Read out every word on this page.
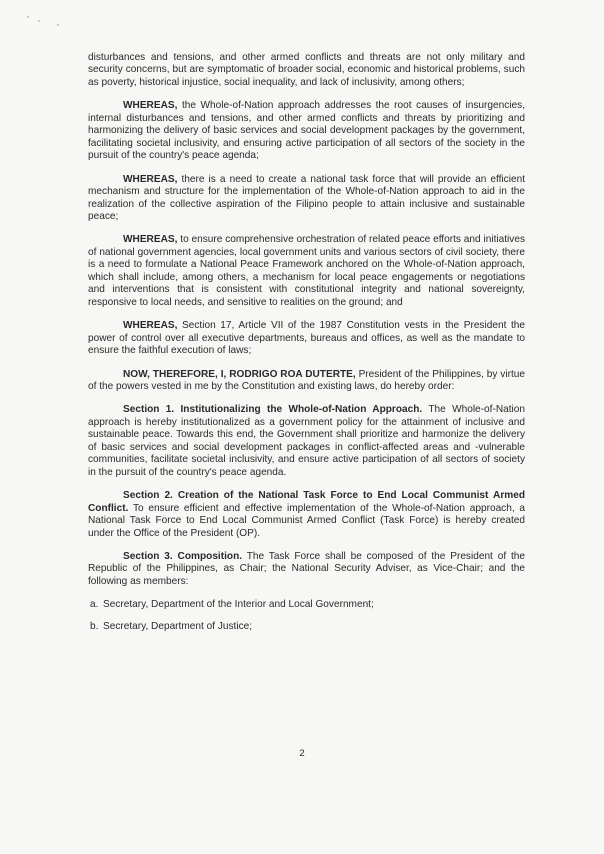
disturbances and tensions, and other armed conflicts and threats are not only military and security concerns, but are symptomatic of broader social, economic and historical problems, such as poverty, historical injustice, social inequality, and lack of inclusivity, among others;

WHEREAS, the Whole-of-Nation approach addresses the root causes of insurgencies, internal disturbances and tensions, and other armed conflicts and threats by prioritizing and harmonizing the delivery of basic services and social development packages by the government, facilitating societal inclusivity, and ensuring active participation of all sectors of the society in the pursuit of the country's peace agenda;

WHEREAS, there is a need to create a national task force that will provide an efficient mechanism and structure for the implementation of the Whole-of-Nation approach to aid in the realization of the collective aspiration of the Filipino people to attain inclusive and sustainable peace;

WHEREAS, to ensure comprehensive orchestration of related peace efforts and initiatives of national government agencies, local government units and various sectors of civil society, there is a need to formulate a National Peace Framework anchored on the Whole-of-Nation approach, which shall include, among others, a mechanism for local peace engagements or negotiations and interventions that is consistent with constitutional integrity and national sovereignty, responsive to local needs, and sensitive to realities on the ground; and

WHEREAS, Section 17, Article VII of the 1987 Constitution vests in the President the power of control over all executive departments, bureaus and offices, as well as the mandate to ensure the faithful execution of laws;

NOW, THEREFORE, I, RODRIGO ROA DUTERTE, President of the Philippines, by virtue of the powers vested in me by the Constitution and existing laws, do hereby order:

Section 1. Institutionalizing the Whole-of-Nation Approach. The Whole-of-Nation approach is hereby institutionalized as a government policy for the attainment of inclusive and sustainable peace. Towards this end, the Government shall prioritize and harmonize the delivery of basic services and social development packages in conflict-affected areas and -vulnerable communities, facilitate societal inclusivity, and ensure active participation of all sectors of society in the pursuit of the country's peace agenda.

Section 2. Creation of the National Task Force to End Local Communist Armed Conflict. To ensure efficient and effective implementation of the Whole-of-Nation approach, a National Task Force to End Local Communist Armed Conflict (Task Force) is hereby created under the Office of the President (OP).

Section 3. Composition. The Task Force shall be composed of the President of the Republic of the Philippines, as Chair; the National Security Adviser, as Vice-Chair; and the following as members:

a. Secretary, Department of the Interior and Local Government;
b. Secretary, Department of Justice;
2
